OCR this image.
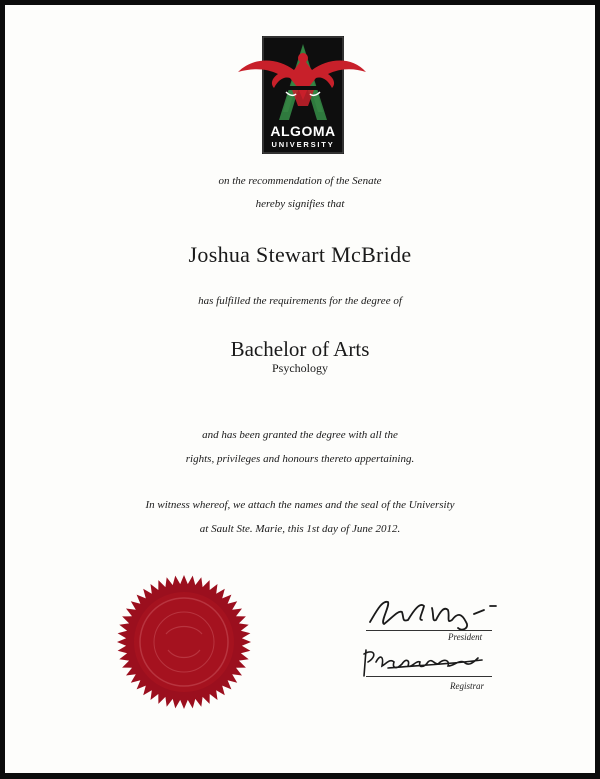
ALGOMA
UNIVERSITY
on the recommendation of the Senate
hereby signifies that
Joshua Stewart McBride
has fulfilled the requirements for the degree of
Bachelor of Arts
Psychology
and has been granted the degree with all the
rights, privileges and honours thereto appertaining.
In witness whereof, we attach the names and the seal of the University
at Sault Ste. Marie, this 1st day of June 2012.
President
Registrar
